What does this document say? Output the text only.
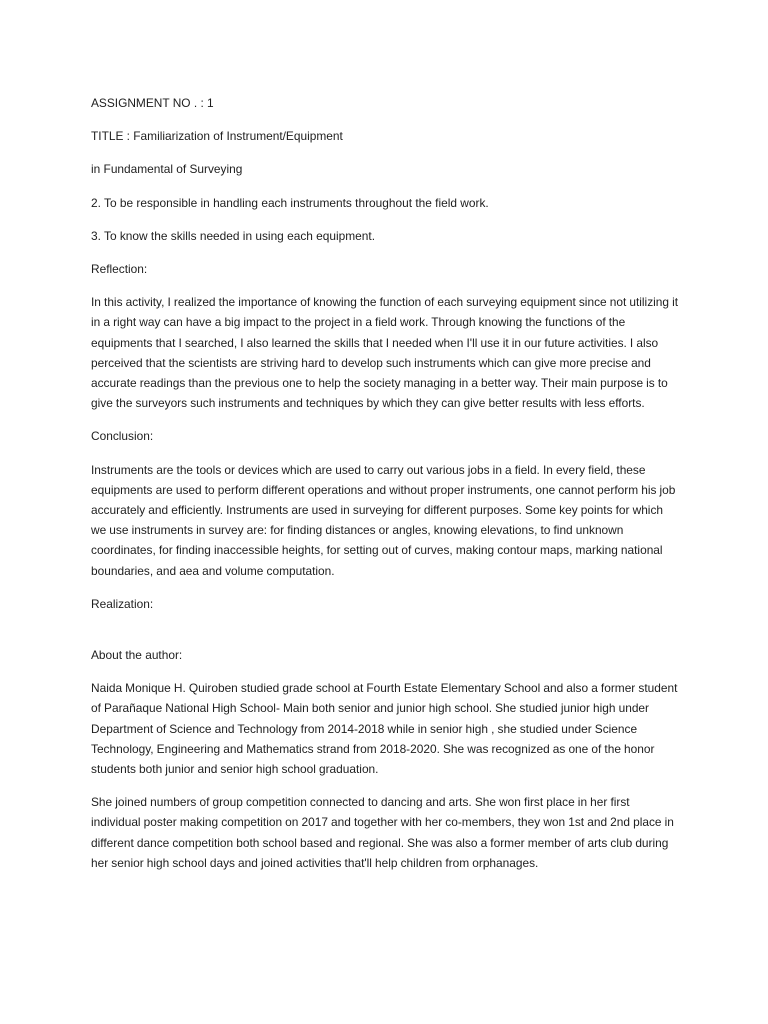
ASSIGNMENT NO . : 1

TITLE : Familiarization of Instrument/Equipment

in Fundamental of Surveying

2. To be responsible in handling each instruments throughout the field work.

3. To know the skills needed in using each equipment.

Reflection:

In this activity, I realized the importance of knowing the function of each surveying equipment since not utilizing it in a right way can have a big impact to the project in a field work. Through knowing the functions of the equipments that I searched, I also learned the skills that I needed when I'll use it in our future activities. I also perceived that the scientists are striving hard to develop such instruments which can give more precise and accurate readings than the previous one to help the society managing in a better way. Their main purpose is to give the surveyors such instruments and techniques by which they can give better results with less efforts.

Conclusion:

Instruments are the tools or devices which are used to carry out various jobs in a field. In every field, these equipments are used to perform different operations and without proper instruments, one cannot perform his job accurately and efficiently. Instruments are used in surveying for different purposes. Some key points for which we use instruments in survey are: for finding distances or angles, knowing elevations, to find unknown coordinates, for finding inaccessible heights, for setting out of curves, making contour maps, marking national boundaries, and aea and volume computation.

Realization:

About the author:

Naida Monique H. Quiroben studied grade school at Fourth Estate Elementary School and also a former student of Parañaque National High School- Main both senior and junior high school. She studied junior high under Department of Science and Technology from 2014-2018 while in senior high , she studied under Science Technology, Engineering and Mathematics strand from 2018-2020. She was recognized as one of the honor students both junior and senior high school graduation.

She joined numbers of group competition connected to dancing and arts. She won first place in her first individual poster making competition on 2017 and together with her co-members, they won 1st and 2nd place in different dance competition both school based and regional. She was also a former member of arts club during her senior high school days and joined activities that'll help children from orphanages.
